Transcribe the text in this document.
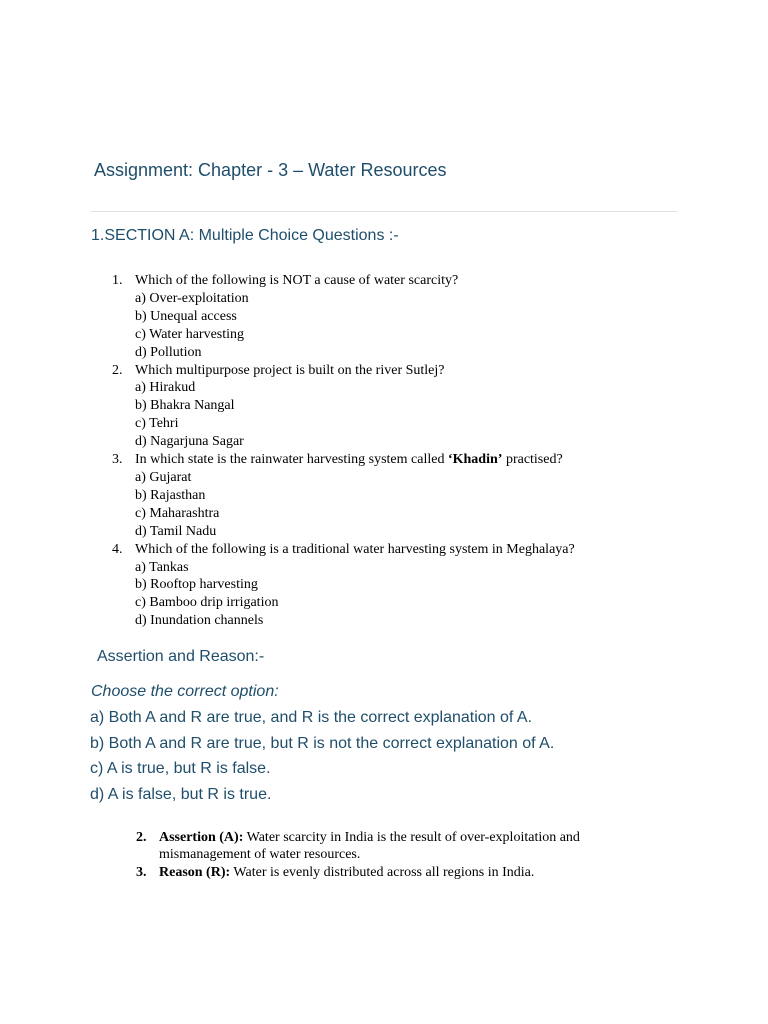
Assignment: Chapter - 3 – Water Resources
1.SECTION A: Multiple Choice Questions :-
1. Which of the following is NOT a cause of water scarcity?
a) Over-exploitation
b) Unequal access
c) Water harvesting
d) Pollution
2. Which multipurpose project is built on the river Sutlej?
a) Hirakud
b) Bhakra Nangal
c) Tehri
d) Nagarjuna Sagar
3. In which state is the rainwater harvesting system called ‘Khadin’ practised?
a) Gujarat
b) Rajasthan
c) Maharashtra
d) Tamil Nadu
4. Which of the following is a traditional water harvesting system in Meghalaya?
a) Tankas
b) Rooftop harvesting
c) Bamboo drip irrigation
d) Inundation channels
Assertion and Reason:-
Choose the correct option:
a) Both A and R are true, and R is the correct explanation of A.
b) Both A and R are true, but R is not the correct explanation of A.
c) A is true, but R is false.
d) A is false, but R is true.
2. Assertion (A): Water scarcity in India is the result of over-exploitation and mismanagement of water resources.
3. Reason (R): Water is evenly distributed across all regions in India.
